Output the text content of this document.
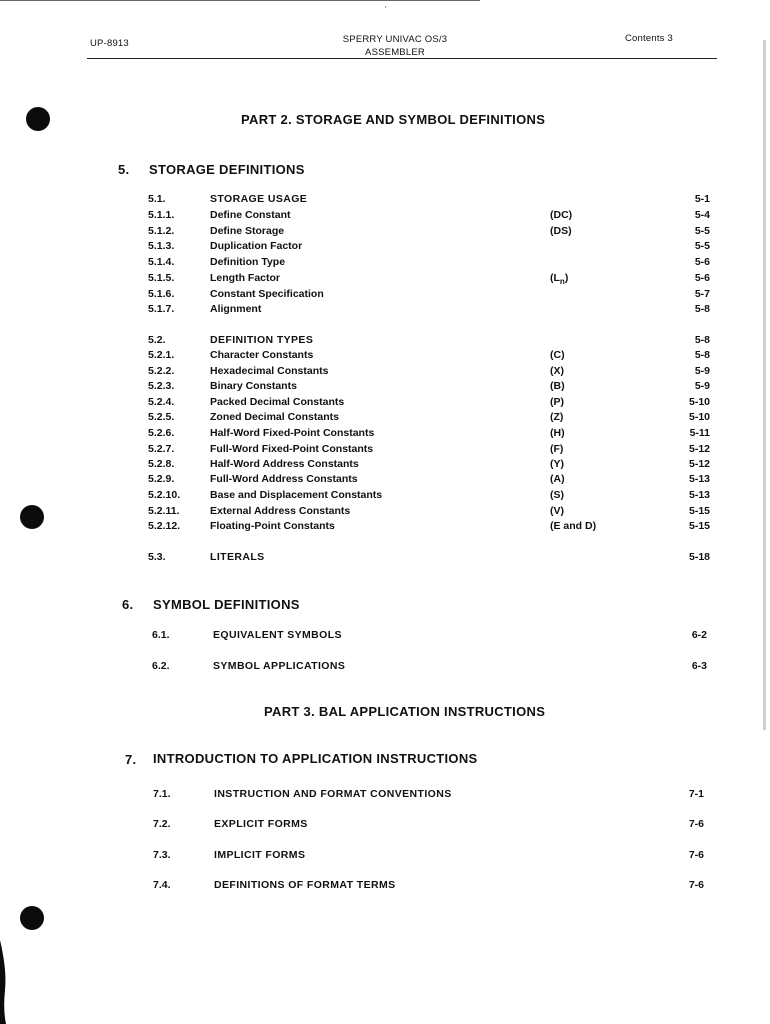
′
UP-8913	SPERRY UNIVAC OS/3
ASSEMBLER
Contents 3
PART 2. STORAGE AND SYMBOL DEFINITIONS
5. STORAGE DEFINITIONS
5.1.	STORAGE USAGE	5-1
5.1.1.	Define Constant	(DC)	5-4
5.1.2.	Define Storage	(DS)	5-5
5.1.3.	Duplication Factor	5-5
5.1.4.	Definition Type	5-6
5.1.5.	Length Factor	$(L_n)$	5-6
5.1.6.	Constant Specification	5-7
5.1.7.	Alignment	5-8
5.2.	DEFINITION TYPES	5-8
5.2.1.	Character Constants	(C)	5-8
5.2.2.	Hexadecimal Constants	(X)	5-9
5.2.3.	Binary Constants	(B)	5-9
5.2.4.	Packed Decimal Constants	(P)	5-10
5.2.5.	Zoned Decimal Constants	(Z)	5-10
5.2.6.	Half-Word Fixed-Point Constants	(H)	5-11
5.2.7.	Full-Word Fixed-Point Constants	(F)	5-12
5.2.8.	Half-Word Address Constants	(Y)	5-12
5.2.9.	Full-Word Address Constants	(A)	5-13
5.2.10.	Base and Displacement Constants	(S)	5-13
5.2.11.	External Address Constants	(V)	5-15
5.2.12.	Floating-Point Constants	(E and D)	5-15
5.3.	LITERALS	5-18
6. SYMBOL DEFINITIONS
6.1.	EQUIVALENT SYMBOLS	6-2
6.2.	SYMBOL APPLICATIONS	6-3
PART 3. BAL APPLICATION INSTRUCTIONS
7. INTRODUCTION TO APPLICATION INSTRUCTIONS
7.1.	INSTRUCTION AND FORMAT CONVENTIONS	7-1
7.2.	EXPLICIT FORMS	7-6
7.3.	IMPLICIT FORMS	7-6
7.4.	DEFINITIONS OF FORMAT TERMS	7-6
